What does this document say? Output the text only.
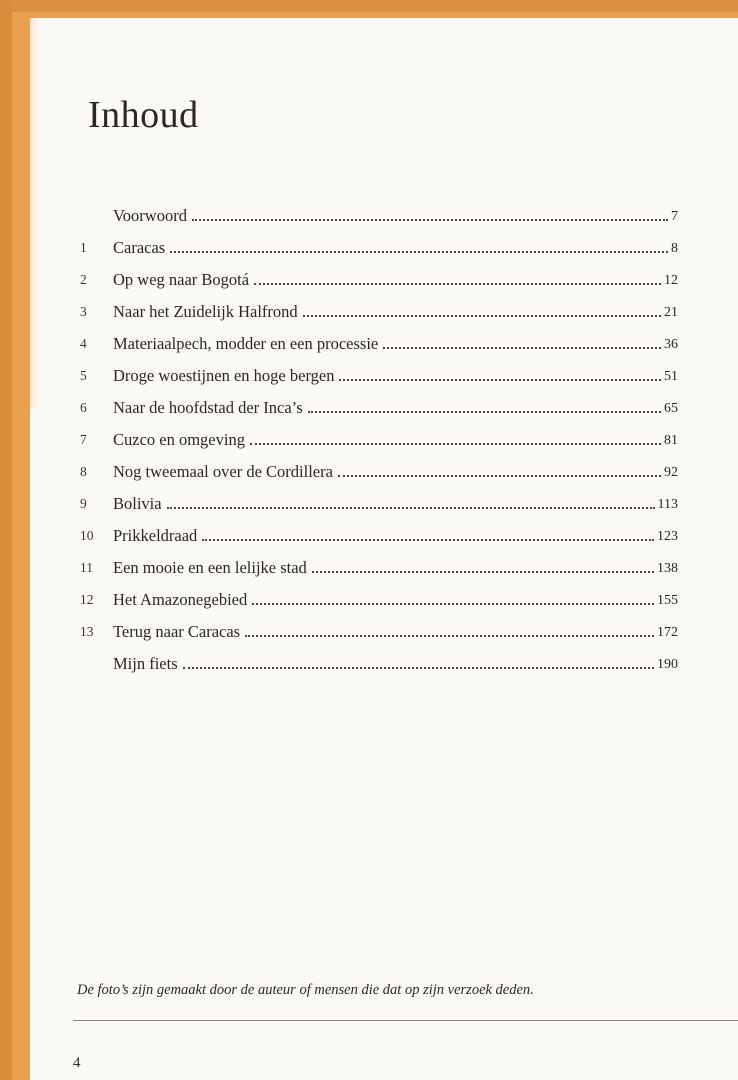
Inhoud
Voorwoord	7
1	Caracas	8
2	Op weg naar Bogotá	12
3	Naar het Zuidelijk Halfrond	21
4	Materiaalpech, modder en een processie	36
5	Droge woestijnen en hoge bergen	51
6	Naar de hoofdstad der Inca’s	65
7	Cuzco en omgeving	81
8	Nog tweemaal over de Cordillera	92
9	Bolivia	113
10	Prikkeldraad	123
11	Een mooie en een lelijke stad	138
12	Het Amazonegebied	155
13	Terug naar Caracas	172
Mijn fiets	190
De foto’s zijn gemaakt door de auteur of mensen die dat op zijn verzoek deden.
4
